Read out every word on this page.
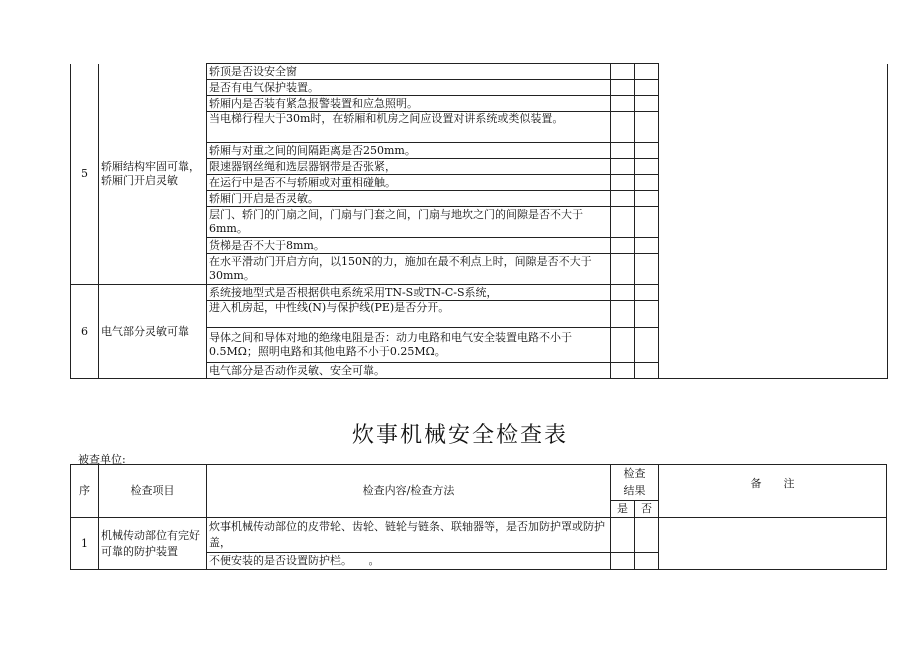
5	轿厢结构牢固可靠，轿厢门开启灵敏	轿顶是否设安全窗			
		是否有电气保护装置。			
		轿厢内是否装有紧急报警装置和应急照明。			
		当电梯行程大于30m时，在轿厢和机房之间应设置对讲系统或类似装置。			
		轿厢与对重之间的间隔距离是否250mm。			
		限速器钢丝绳和选层器钢带是否张紧，			
		在运行中是否不与轿厢或对重相碰触。			
		轿厢门开启是否灵敏。			
		层门、轿门的门扇之间，门扇与门套之间，门扇与地坎之门的间隙是否不大于6mm。			
		货梯是否不大于8mm。			
		在水平滑动门开启方向，以150N的力，施加在最不利点上时，间隙是否不大于30mm。			
6	电气部分灵敏可靠	系统接地型式是否根据供电系统采用TN-S或TN-C-S系统，			
		进入机房起，中性线(N)与保护线(PE)是否分开。			
		导体之间和导体对地的绝缘电阻是否：动力电路和电气安全装置电路不小于0.5MΩ；照明电路和其他电路不小于0.25MΩ。			
		电气部分是否动作灵敏、安全可靠。			
炊事机械安全检查表
被查单位:
序	检查项目	检查内容/检查方法	检查结果		备　　注
			是	否	
1	机械传动部位有完好可靠的防护装置	炊事机械传动部位的皮带轮、齿轮、链轮与链条、联轴器等，是否加防护罩或防护盖，			
		不便安装的是否设置防护栏。　　。			
